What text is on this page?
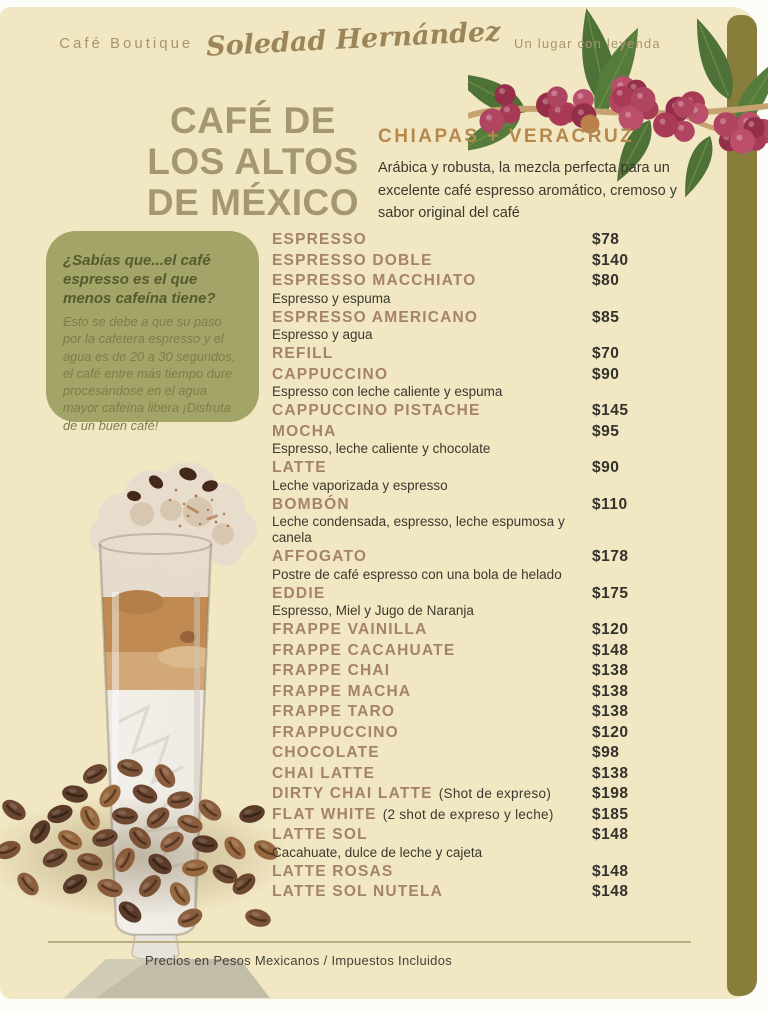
Café Boutique Soledad Hernández Un lugar con leyenda
CAFÉ DE
LOS ALTOS
DE MÉXICO
CHIAPAS + VERACRUZ
Arábica y robusta, la mezcla perfecta para un excelente café espresso aromático, cremoso y sabor original del café
¿Sabías que...el café espresso es el que menos cafeína tiene?
Esto se debe a que su paso por la cafetera espresso y el agua es de 20 a 30 segundos, el café entre más tiempo dure procesándose en el agua mayor cafeína libera ¡Disfruta de un buen café!
ESPRESSO	$78
ESPRESSO DOBLE	$140
ESPRESSO MACCHIATO	$80
Espresso y espuma
ESPRESSO AMERICANO	$85
Espresso y agua
REFILL	$70
CAPPUCCINO	$90
Espresso con leche caliente y espuma
CAPPUCCINO PISTACHE	$145
MOCHA	$95
Espresso, leche caliente y chocolate
LATTE	$90
Leche vaporizada y espresso
BOMBÓN	$110
Leche condensada, espresso, leche espumosa y canela
AFFOGATO	$178
Postre de café espresso con una bola de helado
EDDIE	$175
Espresso, Miel y Jugo de Naranja
FRAPPE VAINILLA	$120
FRAPPE CACAHUATE	$148
FRAPPE CHAI	$138
FRAPPE MACHA	$138
FRAPPE TARO	$138
FRAPPUCCINO	$120
CHOCOLATE	$98
CHAI LATTE	$138
DIRTY CHAI LATTE (Shot de expreso)	$198
FLAT WHITE (2 shot de expreso y leche) $185
LATTE SOL	$148
Cacahuate, dulce de leche y cajeta
LATTE ROSAS	$148
LATTE SOL NUTELA	$148
Precios en Pesos Mexicanos / Impuestos Incluidos
